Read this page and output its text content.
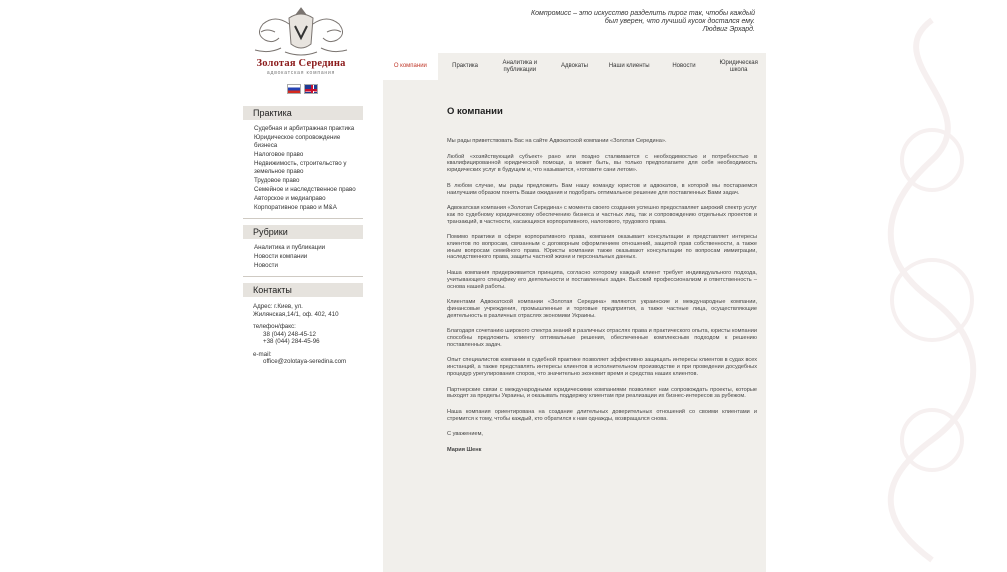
Компромисс – это искусство разделить пирог так, чтобы каждый
был уверен, что лучший кусок достался ему.
Людвиг Эрхард.
Золотая Середина
адвокатская компания
Практика
Судебная и арбитражная практика
Юридическое сопровождение бизнеса
Налоговое право
Недвижимость, строительство у земельное право
Трудовое право
Семейное и наследственное право
Авторское и медиаправо
Корпоративное право и M&A
Рубрики
Аналитика и публикации
Новости компании
Новости
Контакты
Адрес: г.Киев, ул.
Жилянская,14/1, оф. 402, 410
телефон/факс:
38 (044) 248-45-12
+38 (044) 284-45-96
e-mail:
office@zolotaya-seredina.com
О компании	Практика
Аналитика и публикации
Адвокаты	Наши клиенты	Новости
Юридическая школа
О компании

Мы рады приветствовать Вас на сайте Адвокатской компании «Золотая Середина».

Любой «хозяйствующий субъект» рано или поздно сталкивается с необходимостью и потребностью в квалифицированной юридической помощи, а может быть, вы только предполагаете для себя необходимость юридических услуг в будущем и, что называется, «готовите сани летом».

В любом случае, мы рады предложить Вам нашу команду юристов и адвокатов, в которой мы постараемся наилучшим образом понять Ваши ожидания и подобрать оптимальное решение для поставленных Вами задач.

Адвокатская компания «Золотая Середина» с момента своего создания успешно предоставляет широкий спектр услуг как по судебному юридическому обеспечению бизнеса и частных лиц, так и сопровождению отдельных проектов и транзакций, в частности, касающихся корпоративного, налогового, трудового права.

Помимо практики в сфере корпоративного права, компания оказывает консультации и представляет интересы клиентов по вопросам, связанным с договорным оформлением отношений, защитой прав собственности, а также иным вопросам семейного права. Юристы компании также оказывают консультации по вопросам иммиграции, наследственного права, защиты частной жизни и персональных данных.

Наша компания придерживается принципа, согласно которому каждый клиент требует индивидуального подхода, учитывающего специфику его деятельности и поставленных задач. Высокий профессионализм и ответственность – основа нашей работы.

Клиентами Адвокатской компании «Золотая Середина» являются украинские и международные компании, финансовые учреждения, промышленные и торговые предприятия, а также частные лица, осуществляющие деятельность в различных отраслях экономики Украины.

Благодаря сочетанию широкого спектра знаний в различных отраслях права и практического опыта, юристы компании способны предложить клиенту оптимальные решения, обеспеченные комплексным подходом к решению поставленных задач.

Опыт специалистов компании в судебной практике позволяет эффективно защищать интересы клиентов в судах всех инстанций, а также представлять интересы клиентов в исполнительном производстве и при проведении досудебных процедур урегулирования споров, что значительно экономит время и средства наших клиентов.

Партнерские связи с международными юридическими компаниями позволяют нам сопровождать проекты, которые выходят за пределы Украины, и оказывать поддержку клиентам при реализации их бизнес-интересов за рубежом.

Наша компания ориентирована на создание длительных доверительных отношений со своими клиентами и стремится к тому, чтобы каждый, кто обратился к нам однажды, возвращался снова.

С уважением,

Мария Шенк
